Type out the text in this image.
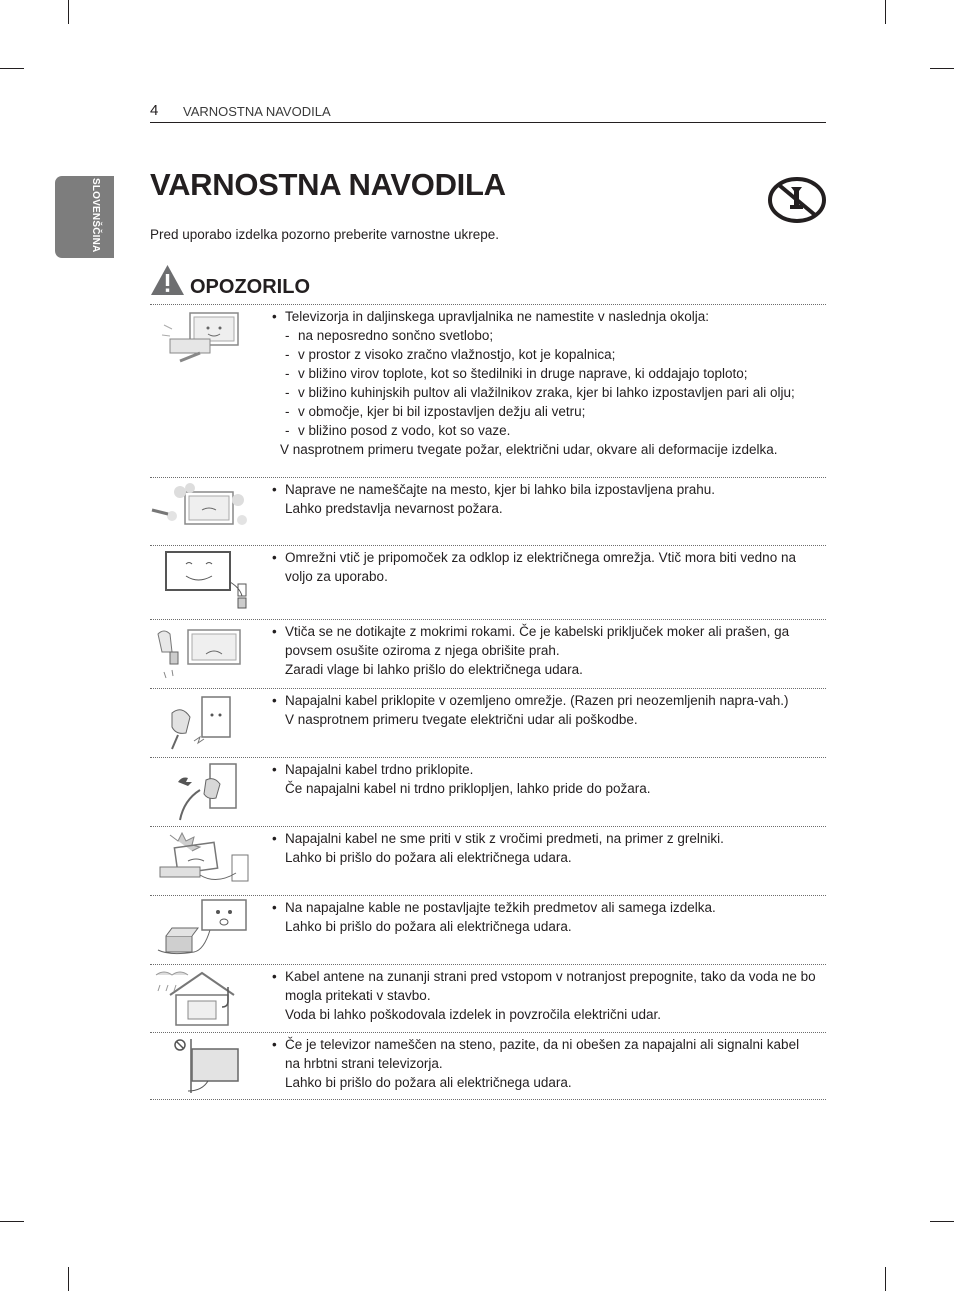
4 VARNOSTNA NAVODILA
SLOVENŠČINA VARNOSTNA NAVODILA
Pred uporabo izdelka pozorno preberite varnostne ukrepe.
OPOZORILO
• Televizorja in daljinskega upravljalnika ne namestite v naslednja okolja:
- na neposredno sončno svetlobo;
- v prostor z visoko zračno vlažnostjo, kot je kopalnica;
- v bližino virov toplote, kot so štedilniki in druge naprave, ki oddajajo toploto;
- v bližino kuhinjskih pultov ali vlažilnikov zraka, kjer bi lahko izpostavljen pari ali olju;
- v območje, kjer bi bil izpostavljen dežju ali vetru;
- v bližino posod z vodo, kot so vaze.
V nasprotnem primeru tvegate požar, električni udar, okvare ali deformacije izdelka.
• Naprave ne nameščajte na mesto, kjer bi lahko bila izpostavljena prahu.
Lahko predstavlja nevarnost požara.
• Omrežni vtič je pripomoček za odklop iz električnega omrežja. Vtič mora biti vedno na voljo za uporabo.
• Vtiča se ne dotikajte z mokrimi rokami. Če je kabelski priključek moker ali prašen, ga povsem osušite oziroma z njega obrišite prah.
Zaradi vlage bi lahko prišlo do električnega udara.
• Napajalni kabel priklopite v ozemljeno omrežje. (Razen pri neozemljenih napra-vah.)
V nasprotnem primeru tvegate električni udar ali poškodbe.
• Napajalni kabel trdno priklopite.
Če napajalni kabel ni trdno priklopljen, lahko pride do požara.
• Napajalni kabel ne sme priti v stik z vročimi predmeti, na primer z grelniki.
Lahko bi prišlo do požara ali električnega udara.
• Na napajalne kable ne postavljajte težkih predmetov ali samega izdelka.
Lahko bi prišlo do požara ali električnega udara.
• Kabel antene na zunanji strani pred vstopom v notranjost prepognite, tako da voda ne bo mogla pritekati v stavbo.
Voda bi lahko poškodovala izdelek in povzročila električni udar.
• Če je televizor nameščen na steno, pazite, da ni obešen za napajalni ali signalni kabel na hrbtni strani televizorja.
Lahko bi prišlo do požara ali električnega udara.
